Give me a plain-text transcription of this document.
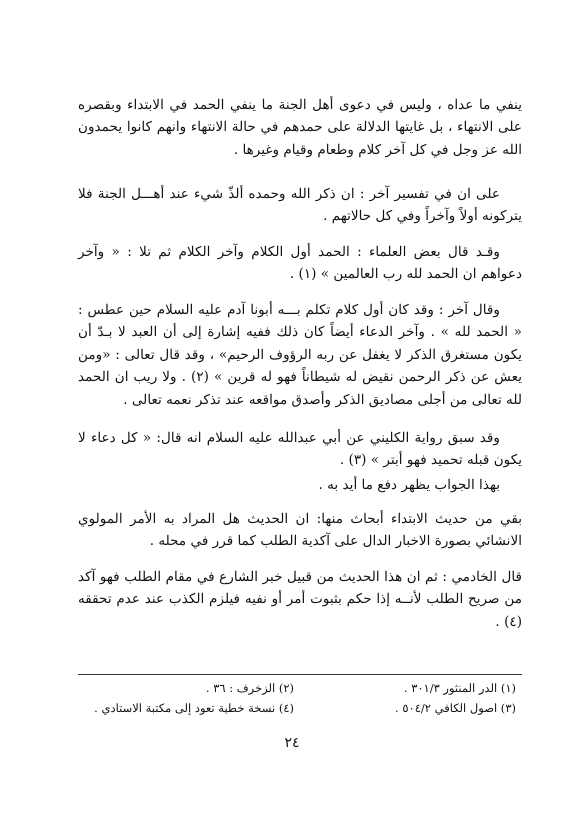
ينفي ما عداه ، وليس في دعوى أهل الجنة ما ينفي الحمد في الابتداء وبقصره على الانتهاء ، بل غايتها الدلالة على حمدهم في حالة الانتهاء وانهم كانوا يحمدون الله عز وجل في كل آخر كلام وطعام وقيام وغيرها .

على ان في تفسير آخر : ان ذكر الله وحمده ألذّ شيء عند أهـــل الجنة فلا يتركونه أولاً وآخراً وفي كل حالاتهم .

وقـد قال بعض العلماء : الحمد أول الكلام وآخر الكلام ثم تلا : « وآخر دعواهم ان الحمد لله رب العالمين » (١) .

وقال آخر : وقد كان أول كلام تكلم بـــه أبونا آدم عليه السلام حين عطس : « الحمد لله » . وآخر الدعاء أيضاً كان ذلك ففيه إشارة إلى أن العبد لا بـدّ أن يكون مستغرق الذكر لا يغفل عن ربه الرؤوف الرحيم» ، وقد قال تعالى : «ومن يعش عن ذكر الرحمن نقيض له شيطاناً فهو له قرين » (٢) . ولا ريب ان الحمد لله تعالى من أجلى مصاديق الذكر وأصدق مواقعه عند تذكر نعمه تعالى .

وقد سبق رواية الكليني عن أبي عبدالله عليه السلام انه قال: « كل دعاء لا يكون قبله تحميد فهو أبتر » (٣) .

بهذا الجواب يظهر دفع ما أيد به .

بقي من حديث الابتداء أبحاث منها: ان الحديث هل المراد به الأمر المولوي الانشائي بصورة الاخبار الدال على آكدية الطلب كما قرر في محله .

قال الخادمي : ثم ان هذا الحديث من قبيل خبر الشارع في مقام الطلب فهو آكد من صريح الطلب لأنــه إذا حكم بثبوت أمر أو نفيه فيلزم الكذب عند عدم تحققه (٤) .

(١) الدر المنثور ٣٠١/٣ .
(٢) الزخرف : ٣٦ .
(٣) اصول الكافي ٥٠٤/٢ .
(٤) نسخة خطية تعود إلى مكتبة الاستادي .
٢٤
